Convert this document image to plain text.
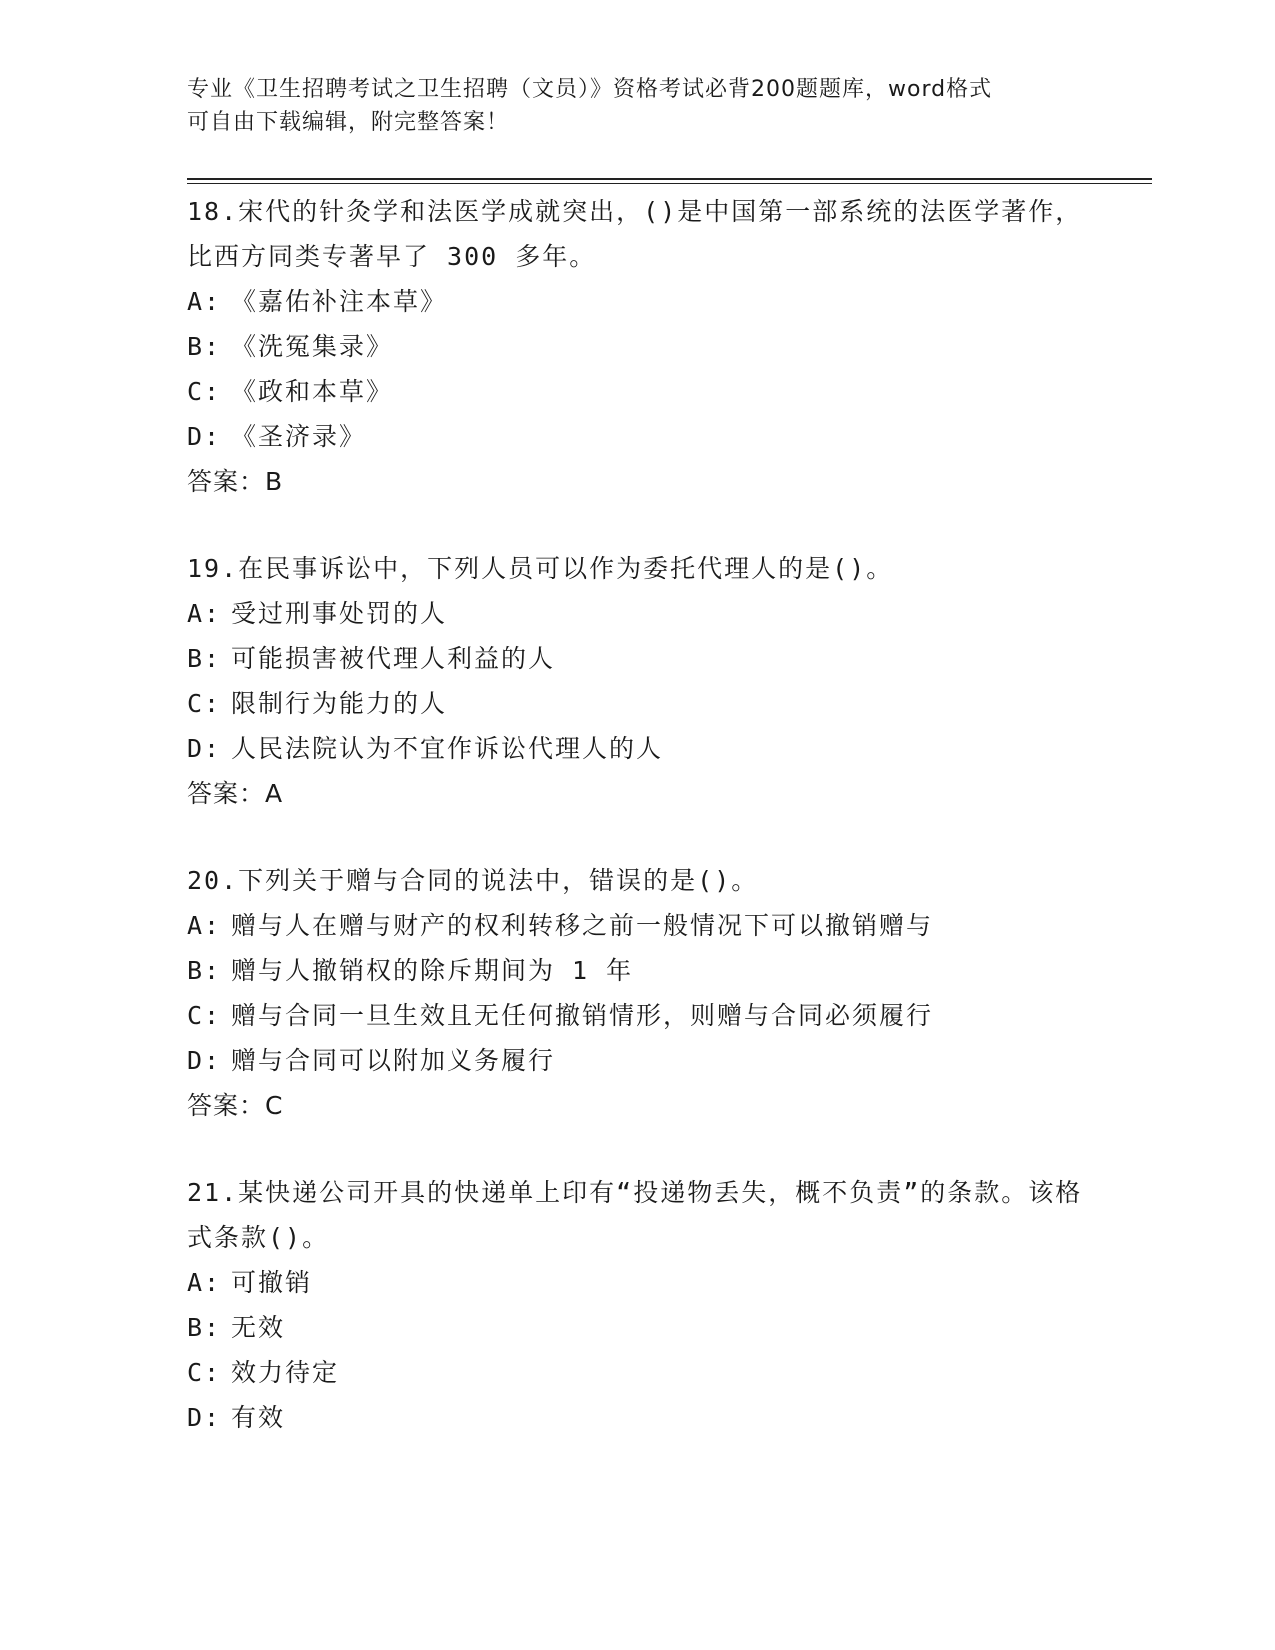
专业《卫生招聘考试之卫生招聘（文员）》资格考试必背200题题库，word格式
可自由下载编辑，附完整答案！

18.宋代的针灸学和法医学成就突出，()是中国第一部系统的法医学著作，比西方同类专著早了 300 多年。

A: 《嘉佑补注本草》
B: 《洗冤集录》
C: 《政和本草》
D: 《圣济录》

答案：B

19.在民事诉讼中，下列人员可以作为委托代理人的是()。

A: 受过刑事处罚的人
B: 可能损害被代理人利益的人
C: 限制行为能力的人
D: 人民法院认为不宜作诉讼代理人的人

答案：A

20.下列关于赠与合同的说法中，错误的是()。

A: 赠与人在赠与财产的权利转移之前一般情况下可以撤销赠与
B: 赠与人撤销权的除斥期间为 1 年
C: 赠与合同一旦生效且无任何撤销情形，则赠与合同必须履行
D: 赠与合同可以附加义务履行

答案：C

21.某快递公司开具的快递单上印有“投递物丢失，概不负责”的条款。该格式条款()。

A: 可撤销
B: 无效
C: 效力待定
D: 有效
